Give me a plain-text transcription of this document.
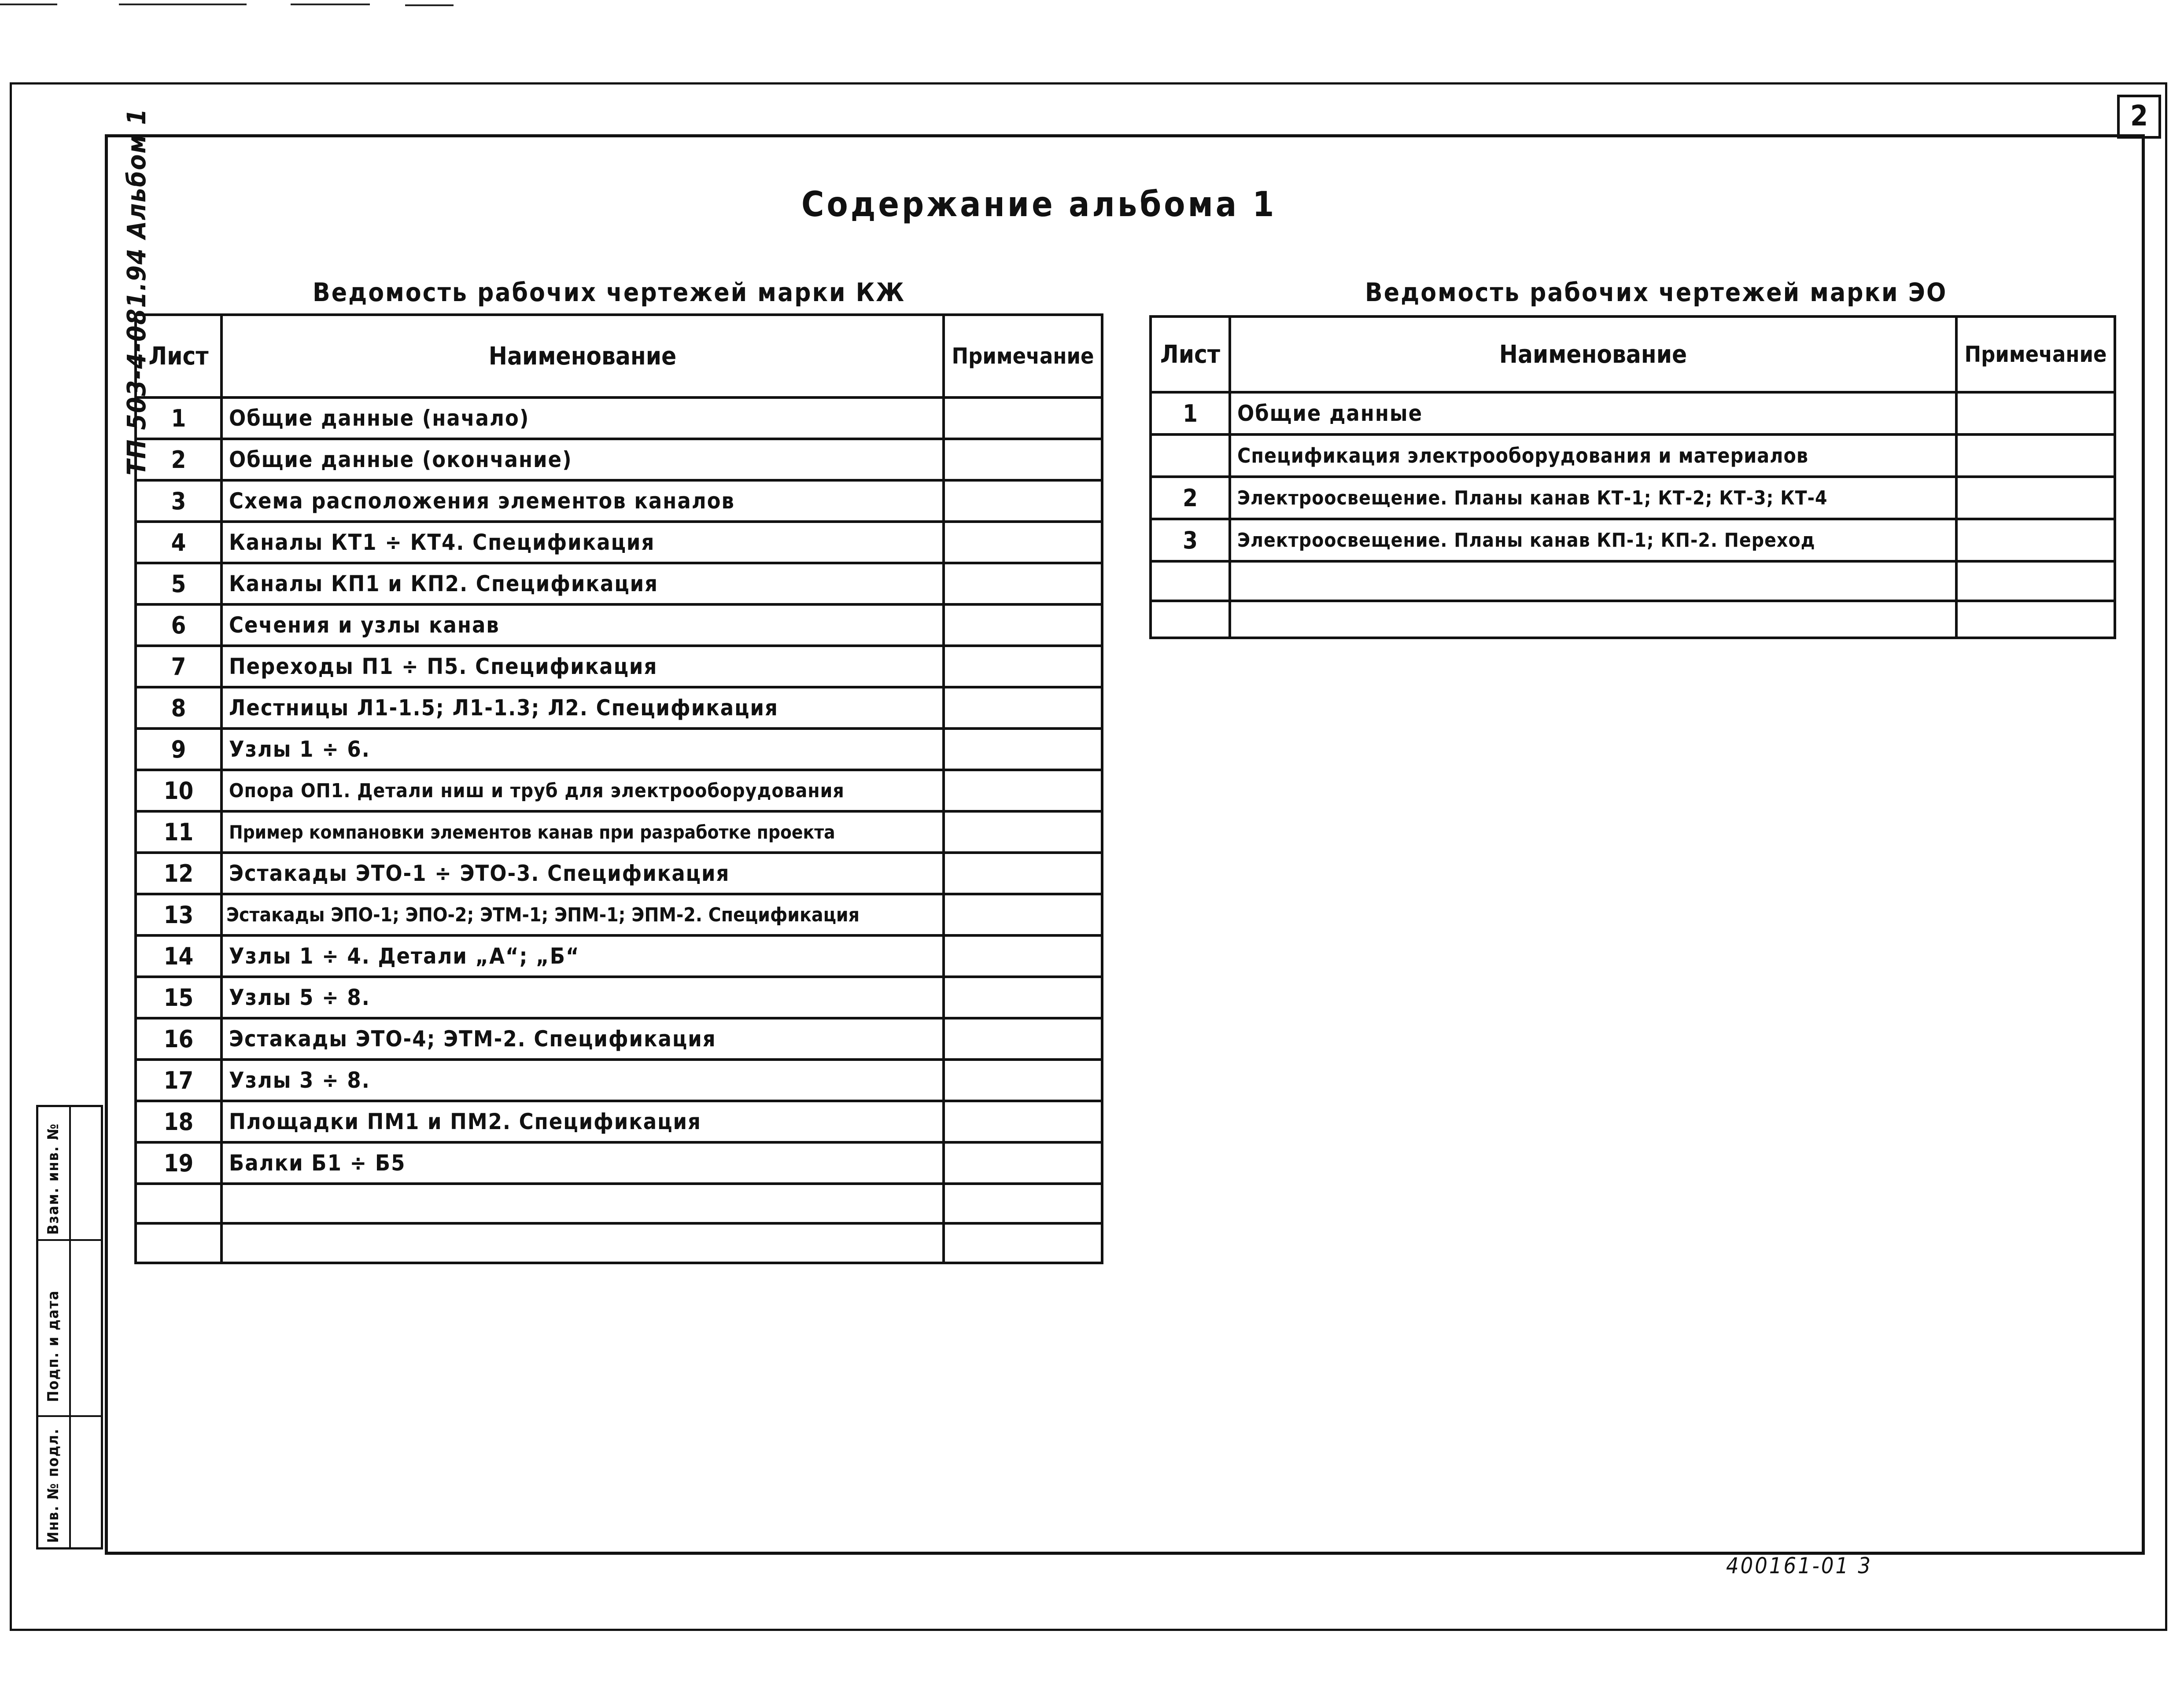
2
ТП 503-4-081.94 Альбом 1	Содержание альбома 1
Ведомость рабочих чертежей марки КЖ	Ведомость рабочих чертежей марки ЭО
Лист	Наименование	Примечание
1	Общие данные (начало)	
2	Общие данные (окончание)	
3	Схема расположения элементов каналов	
4	Каналы КТ1 ÷ КТ4. Спецификация	
5	Каналы КП1 и КП2. Спецификация	
6	Сечения и узлы канав	
7	Переходы П1 ÷ П5. Спецификация	
8	Лестницы Л1-1.5; Л1-1.3; Л2. Спецификация	
9	Узлы 1 ÷ 6.	
10	Опора ОП1. Детали ниш и труб для электрооборудования	
11	Пример компановки элементов канав при разработке проекта	
12	Эстакады ЭТО-1 ÷ ЭТО-3. Спецификация	
13	Эстакады ЭПО-1; ЭПО-2; ЭТМ-1; ЭПМ-1; ЭПМ-2. Спецификация	
14	Узлы 1 ÷ 4. Детали „А“; „Б“	
15	Узлы 5 ÷ 8.	
16	Эстакады ЭТО-4; ЭТМ-2. Спецификация	
17	Узлы 3 ÷ 8.	
18	Площадки ПМ1 и ПМ2. Спецификация	
19	Балки Б1 ÷ Б5	

Лист	Наименование	Примечание
1	Общие данные	
	Спецификация электрооборудования и материалов	
2	Электроосвещение. Планы канав КТ-1; КТ-2; КТ-3; КТ-4	
3	Электроосвещение. Планы канав КП-1; КП-2. Переход	

Взам. инв. №
Подп. и дата
Инв. № подл.
400161-01 3
